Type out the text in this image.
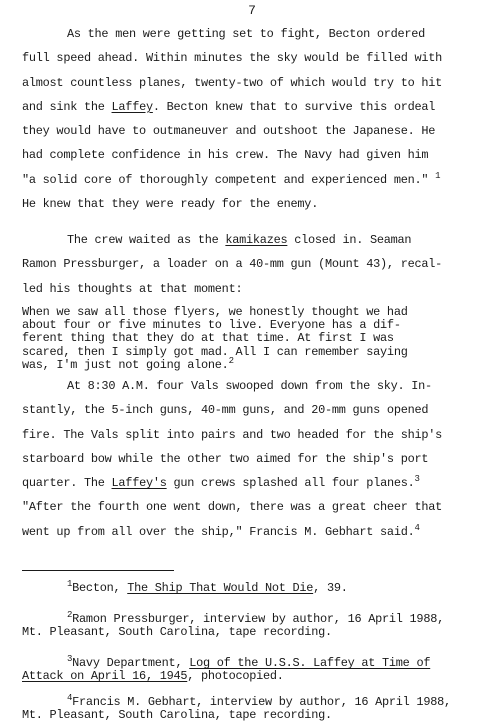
7
As the men were getting set to fight, Becton ordered
full speed ahead. Within minutes the sky would be filled with
almost countless planes, twenty-two of which would try to hit
and sink the Laffey. Becton knew that to survive this ordeal
they would have to outmaneuver and outshoot the Japanese. He
had complete confidence in his crew. The Navy had given him
"a solid core of thoroughly competent and experienced men." $^1$
He knew that they were ready for the enemy.
The crew waited as the kamikazes closed in. Seaman
Ramon Pressburger, a loader on a 40-mm gun (Mount 43), recal-
led his thoughts at that moment:
When we saw all those flyers, we honestly thought we had
about four or five minutes to live. Everyone has a dif-
ferent thing that they do at that time. At first I was
scared, then I simply got mad. All I can remember saying
was, I'm just not going alone.$^2$
At 8:30 A.M. four Vals swooped down from the sky. In-
stantly, the 5-inch guns, 40-mm guns, and 20-mm guns opened
fire. The Vals split into pairs and two headed for the ship's
starboard bow while the other two aimed for the ship's port
quarter. The Laffey's gun crews splashed all four planes.$^3$
"After the fourth one went down, there was a great cheer that
went up from all over the ship," Francis M. Gebhart said.$^4$
$^1$Becton, The Ship That Would Not Die, 39.
$^2$Ramon Pressburger, interview by author, 16 April 1988,
Mt. Pleasant, South Carolina, tape recording.
$^3$Navy Department, Log of the U.S.S. Laffey at Time of
Attack on April 16, 1945, photocopied.
$^4$Francis M. Gebhart, interview by author, 16 April 1988,
Mt. Pleasant, South Carolina, tape recording.
